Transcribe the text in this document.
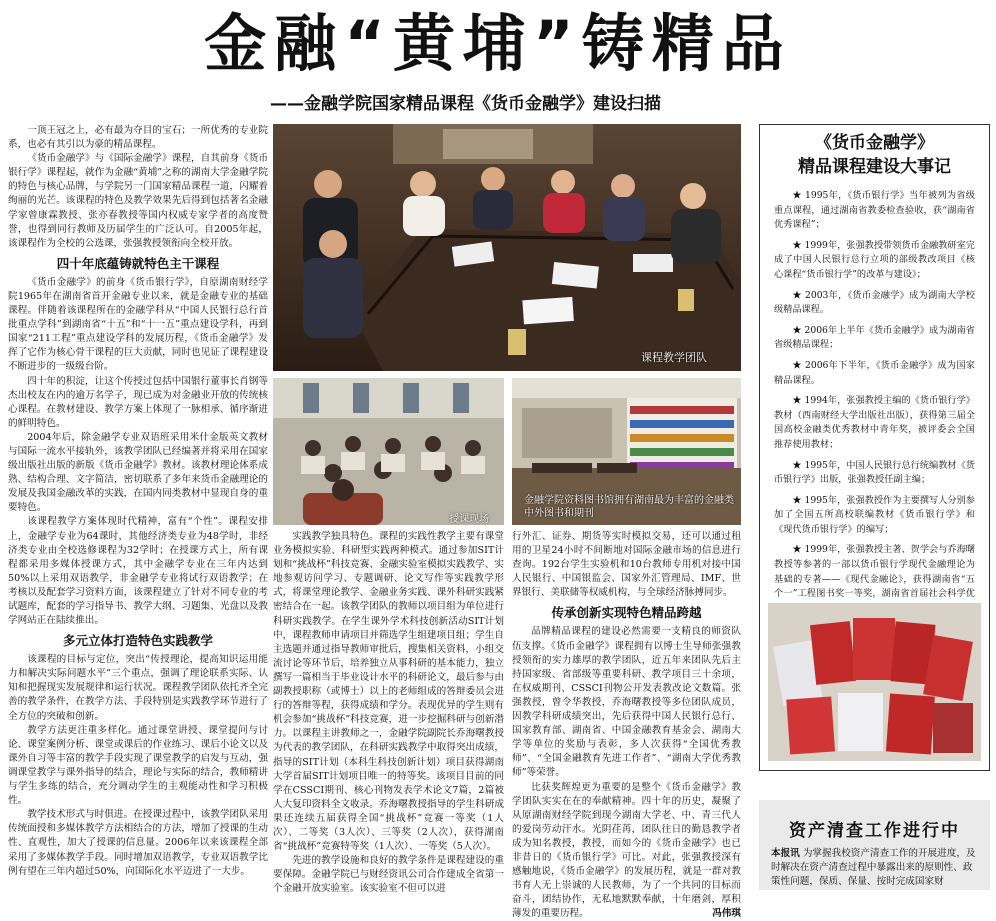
金融“黄埔”铸精品
——金融学院国家精品课程《货币金融学》建设扫描

一顶王冠之上，必有最为夺目的宝石；一所优秀的专业院系，也必有其引以为豪的精品课程。

《货币金融学》与《国际金融学》课程，自其前身《货币银行学》课程起，就作为金融“黄埔”之称的湖南大学金融学院的特色与核心品牌，与学院另一门国家精品课程一道，闪耀着绚丽的光芒。该课程的特色及教学效果先后得到包括著名金融学家曾康霖教授、张亦春教授等国内权威专家学者的高度赞誉，也得到同行教师及历届学生的广泛认可。自2005年起，该课程作为全校的公选课，张强教授领衔向全校开放。

四十年底蕴铸就特色主干课程

《货币金融学》的前身《货币银行学》，自原湖南财经学院1965年在湖南省首开金融专业以来，就是金融专业的基础课程。伴随着该课程所在的金融学科从“中国人民银行总行首批重点学科”到湖南省“十五”和“十一五”重点建设学科，再到国家“211工程”重点建设学科的发展历程，《货币金融学》发挥了它作为核心骨干课程的巨大贡献，同时也见证了课程建设不断进步的一级级台阶。

四十年的积淀，让这个传授过包括中国银行董事长肖钢等杰出校友在内的逾万名学子，现已成为对金融业开放的传统核心课程。在教材建设、教学方案上体现了一脉相承、循序渐进的鲜明特色。

2004年后，除金融学专业双语班采用米什金版英文教材与国际一流水平接轨外，该教学团队已经编著并将采用在国家级出版社出版的新版《货币金融学》教材。该教材理论体系成熟、结构合理、文字简洁，密切联系了多年来货币金融理论的发展及我国金融改革的实践，在国内同类教材中显现自身的重要特色。

该课程教学方案体现时代精神，富有“个性”。课程安排上，金融学专业为64课时，其他经济类专业为48学时，非经济类专业由全校选修课程为32学时；在授课方式上，所有课程都采用多媒体授课方式，其中金融学专业在三年内达到50%以上采用双语教学，非金融学专业将试行双语教学；在考核以及配套学习资料方面，该课程建立了针对不同专业的考试题库，配套的学习指导书、教学大纲、习题集、光盘以及教学网站正在陆续推出。

多元立体打造特色实践教学

该课程的目标与定位，突出“传授理论，提高知识运用能力和解决实际问题水平”三个重点，强调了理论联系实际、认知和把握现实发展规律和运行状况。课程教学团队依托齐全完善的教学条件，在教学方法、手段特别是实践教学环节进行了全方位的突破和创新。

教学方法更注重多样化。通过课堂讲授、课堂提问与讨论、课堂案例分析、课堂或课后的作业练习、课后小论文以及课外自习等丰富的教学手段实现了课堂教学的启发与互动，强调课堂教学与课外指导的结合，理论与实际的结合，教师精讲与学生多练的结合，充分调动学生的主观能动性和学习积极性。

教学技术形式与时俱进。在授课过程中，该教学团队采用传统面授和多媒体教学方法相结合的方法，增加了授课的生动性、直观性，加大了授课的信息量。2006年以来该课程全部采用了多媒体教学手段。同时增加双语教学，专业双语教学比例有望在三年内超过50%，向国际化水平迈进了一大步。

课程教学团队
授课现场
金融学院资料图书馆拥有湖南最为丰富的金融类中外图书和期刊

实践教学独具特色。课程的实践性教学主要有课堂业务模拟实验、科研型实践两种模式。通过参加SIT计划和“挑战杯”科技竞赛、金融实验室模拟实践教学、实地参观访问学习、专题调研、论文写作等实践教学形式，将课堂理论教学、金融业务实践、课外科研实践紧密结合在一起。该教学团队的教师以项目组为单位进行科研实践教学。在学生课外学术科技创新活动SIT计划中，课程教师申请项目并筛选学生组建项目组；学生自主选题并通过指导教师审批后，搜集相关资料，小组交流讨论等环节后，培养独立从事科研的基本能力，独立撰写一篇相当于毕业设计水平的科研论文，最后参与由副教授职称（或博士）以上的老师组成的答辩委员会进行的答辩等程，获得成绩和学分。表现优异的学生则有机会参加“挑战杯”科技竞赛，进一步挖掘科研与创新潜力。以课程主讲教师之一，金融学院副院长乔海曙教授为代表的教学团队，在科研实践教学中取得突出成绩，指导的SIT计划（本科生科技创新计划）项目获得湖南大学首届SIT计划项目唯一的特等奖。该项目目前的同学在CSSCI期刊、核心刊物发表学术论文7篇，2篇被人大复印资料全文收录。乔海曙教授指导的学生科研成果还连续五届获得全国“挑战杯”竞赛一等奖（1人次）、二等奖（3人次）、三等奖（2人次），获得湖南省“挑战杯”竞赛特等奖（1人次）、一等奖（5人次）。

先进的教学设施和良好的教学条件是课程建设的重要保障。金融学院已与财经资讯公司合作建成全省第一个金融开放实验室。该实验室不但可以进

行外汇、证券、期货等实时模拟交易，还可以通过租用的卫星24小时不间断地对国际金融市场的信息进行查询。192台学生实验机和10台教师专用机对接中国人民银行、中国银监会、国家外汇管理局、IMF、世界银行、美联储等权威机构，与全球经济脉搏同步。

传承创新实现特色精品跨越

品牌精品课程的建设必然需要一支精良的师资队伍支撑。《货币金融学》课程拥有以博士生导师张强教授领衔的实力雄厚的教学团队，近五年来团队先后主持国家级、省部级等重要科研、教学项目三十余项，在权威期刊、CSSCI刊物公开发表教改论文数篇。张强教授，曾令华教授，乔海曙教授等多位团队成员，因教学科研成绩突出，先后获得中国人民银行总行、国家教育部、湖南省、中国金融教育基金会、湖南大学等单位的奖励与表彰，多人次获得“全国优秀教师”、“全国金融教育先进工作者”、“湖南大学优秀教师”等荣誉。

比获奖辉煌更为重要的是整个《货币金融学》教学团队实实在在的奉献精神。四十年的历史，凝聚了从原湖南财经学院到现今湖南大学老、中、青三代人的爱岗劳动汗水。光阴荏苒，团队往日的勤恳教学者成为知名教授，教授，而如今的《货币金融学》也已非昔日的《货币银行学》可比。对此，张强教授深有感触地说，《货币金融学》的发展历程，就是一群对教书育人无上崇诚的人民教师，为了一个共同的目标而奋斗，团结协作，无私地默默奉献，十年磨剑，厚积薄发的重要历程。	冯伟琪

《货币金融学》
精品课程建设大事记

★ 1995年，《货币银行学》当年被列为省级重点课程，通过湖南省教委检查验收，获“湖南省优秀课程”；

★ 1999年，张强教授带领货币金融教研室完成了中国人民银行总行立项的部级教改项目《核心课程“货币银行学”的改革与建设》；

★ 2003年，《货币金融学》成为湖南大学校级精品课程。

★ 2006年上半年《货币金融学》成为湖南省省级精品课程；

★ 2006年下半年，《货币金融学》成为国家精品课程。

★ 1994年，张强教授主编的《货币银行学》教材（西南财经大学出版社出版），获得第三届全国高校金融类优秀教材中青年奖，被评委会全国推荐使用教材；

★ 1995年，中国人民银行总行统编教材《货币银行学》出版，张强教授任副主编；

★ 1995年，张强教授作为主要撰写人分别参加了全国五所高校联编教材《货币银行学》和《现代货币银行学》的编写；

★ 1999年，张强教授主著、贺学会与乔海曙教授等参著的一部以货币银行学现代金融理论为基础的专著——《现代金融论》，获得湖南省“五个一”工程图书奖一等奖，湖南省首届社会科学优

资产清查工作进行中
本报讯 为掌握我校资产清查工作的开展进度，及时解决在资产清查过程中暴露出来的原则性、政策性问题，保质、保量、按时完成国家财
